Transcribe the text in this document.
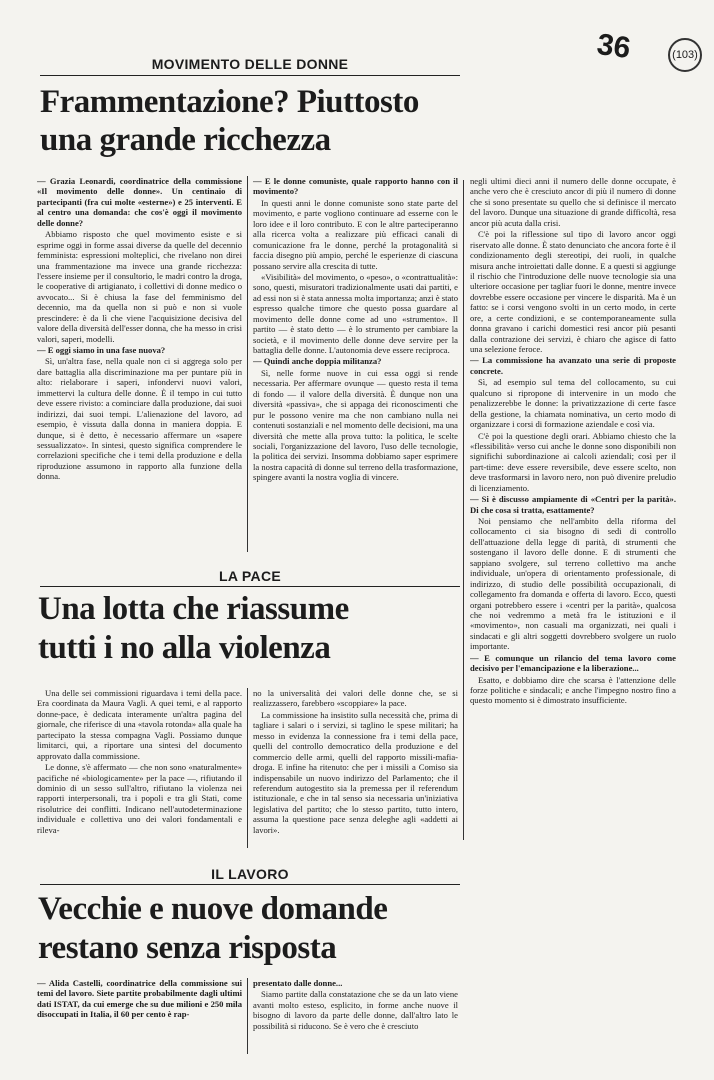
36	(103)
MOVIMENTO DELLE DONNE
Frammentazione? Piuttosto
una grande ricchezza

— Grazia Leonardi, coordinatrice della commissione «Il movimento delle donne». Un centinaio di partecipanti (fra cui molte «esterne») e 25 interventi. E al centro una domanda: che cos'è oggi il movimento delle donne?

Abbiamo risposto che quel movimento esiste e si esprime oggi in forme assai diverse da quelle del decennio femminista: espressioni molteplici, che rivelano non direi una frammentazione ma invece una grande ricchezza: l'essere insieme per il consultorio, le madri contro la droga, le cooperative di artigianato, i collettivi di donne medico o avvocato... Si è chiusa la fase del femminismo del decennio, ma da quella non si può e non si vuole prescindere: è da lì che viene l'acquisizione decisiva del valore della diversità dell'esser donna, che ha messo in crisi valori, saperi, modelli.

— E oggi siamo in una fase nuova?

Sì, un'altra fase, nella quale non ci si aggrega solo per dare battaglia alla discriminazione ma per puntare più in alto: rielaborare i saperi, infondervi nuovi valori, immettervi la cultura delle donne. È il tempo in cui tutto deve essere rivisto: a cominciare dalla produzione, dai suoi indirizzi, dai suoi tempi. L'alienazione del lavoro, ad esempio, è vissuta dalla donna in maniera doppia. E dunque, si è detto, è necessario affermare un «sapere sessualizzato». In sintesi, questo significa comprendere le correlazioni specifiche che i temi della produzione e della riproduzione assumono in rapporto alla funzione della donna.

— E le donne comuniste, quale rapporto hanno con il movimento?

In questi anni le donne comuniste sono state parte del movimento, e parte vogliono continuare ad esserne con le loro idee e il loro contributo. E con le altre parteciperanno alla ricerca volta a realizzare più efficaci canali di comunicazione fra le donne, perché la protagonalità si faccia disegno più ampio, perché le esperienze di ciascuna possano servire alla crescita di tutte.

«Visibilità» del movimento, o «peso», o «contrattualità»: sono, questi, misuratori tradizionalmente usati dai partiti, e ad essi non si è stata annessa molta importanza; anzi è stato espresso qualche timore che questo possa guardare al movimento delle donne come ad uno «strumento». Il partito — è stato detto — è lo strumento per cambiare la società, e il movimento delle donne deve servire per la battaglia delle donne. L'autonomia deve essere reciproca.

— Quindi anche doppia militanza?

Sì, nelle forme nuove in cui essa oggi si rende necessaria. Per affermare ovunque — questo resta il tema di fondo — il valore della diversità. È dunque non una diversità «passiva», che si appaga dei riconoscimenti che pur le possono venire ma che non cambiano nulla nei contenuti sostanziali e nel momento delle decisioni, ma una diversità che mette alla prova tutto: la politica, le scelte sociali, l'organizzazione del lavoro, l'uso delle tecnologie, la politica dei servizi. Insomma dobbiamo saper esprimere la nostra capacità di donne sul terreno della trasformazione, spingere avanti la nostra voglia di vincere.

negli ultimi dieci anni il numero delle donne occupate, è anche vero che è cresciuto ancor di più il numero di donne che si sono presentate su quello che si definisce il mercato del lavoro. Dunque una situazione di grande difficoltà, resa ancor più acuta dalla crisi.

C'è poi la riflessione sul tipo di lavoro ancor oggi riservato alle donne. È stato denunciato che ancora forte è il condizionamento degli stereotipi, dei ruoli, in qualche misura anche introiettati dalle donne. E a questi si aggiunge il rischio che l'introduzione delle nuove tecnologie sia una ulteriore occasione per tagliar fuori le donne, mentre invece dovrebbe essere occasione per vincere le disparità. Ma è un fatto: se i corsi vengono svolti in un certo modo, in certe ore, a certe condizioni, e se contemporaneamente sulla donna gravano i carichi domestici resi ancor più pesanti dalla contrazione dei servizi, è chiaro che agisce di fatto una selezione feroce.

— La commissione ha avanzato una serie di proposte concrete.

Sì, ad esempio sul tema del collocamento, su cui qualcuno si ripropone di intervenire in un modo che penalizzerebbe le donne: la privatizzazione di certe fasce della gestione, la chiamata nominativa, un certo modo di organizzare i corsi di formazione aziendale e così via.

C'è poi la questione degli orari. Abbiamo chiesto che la «flessibilità» verso cui anche le donne sono disponibili non significhi subordinazione ai calcoli aziendali; così per il part-time: deve essere reversibile, deve essere scelto, non deve trasformarsi in lavoro nero, non può divenire preludio di licenziamento.

— Si è discusso ampiamente di «Centri per la parità». Di che cosa si tratta, esattamente?

Noi pensiamo che nell'ambito della riforma del collocamento ci sia bisogno di sedi di controllo dell'attuazione della legge di parità, di strumenti che sostengano il lavoro delle donne. E di strumenti che sappiano svolgere, sul terreno collettivo ma anche individuale, un'opera di orientamento professionale, di indirizzo, di studio delle possibilità occupazionali, di collegamento fra domanda e offerta di lavoro. Ecco, questi organi potrebbero essere i «centri per la parità», qualcosa che noi vedremmo a metà fra le istituzioni e il «movimento», non casuali ma organizzati, nei quali i sindacati e gli altri soggetti dovrebbero svolgere un ruolo importante.

— E comunque un rilancio del tema lavoro come decisivo per l'emancipazione e la liberazione...

Esatto, e dobbiamo dire che scarsa è l'attenzione delle forze politiche e sindacali; e anche l'impegno nostro fino a questo momento si è dimostrato insufficiente.

LA PACE
Una lotta che riassume
tutti i no alla violenza

Una delle sei commissioni riguardava i temi della pace. Era coordinata da Maura Vagli. A quei temi, e al rapporto donne-pace, è dedicata interamente un'altra pagina del giornale, che riferisce di una «tavola rotonda» alla quale ha partecipato la stessa compagna Vagli. Possiamo dunque limitarci, qui, a riportare una sintesi del documento approvato dalla commissione.

Le donne, s'è affermato — che non sono «naturalmente» pacifiche né «biologicamente» per la pace —, rifiutando il dominio di un sesso sull'altro, rifiutano la violenza nei rapporti interpersonali, tra i popoli e tra gli Stati, come risolutrice dei conflitti. Indicano nell'autodeterminazione individuale e collettiva uno dei valori fondamentali e rileva-

no la universalità dei valori delle donne che, se si realizzassero, farebbero «scoppiare» la pace.

La commissione ha insistito sulla necessità che, prima di tagliare i salari o i servizi, si taglino le spese militari; ha messo in evidenza la connessione fra i temi della pace, quelli del controllo democratico della produzione e del commercio delle armi, quelli del rapporto missili-mafia-droga. E infine ha ritenuto: che per i missili a Comiso sia indispensabile un nuovo indirizzo del Parlamento; che il referendum autogestito sia la premessa per il referendum istituzionale, e che in tal senso sia necessaria un'iniziativa legislativa del partito; che lo stesso partito, tutto intero, assuma la questione pace senza deleghe agli «addetti ai lavori».

IL LAVORO
Vecchie e nuove domande
restano senza risposta

— Alida Castelli, coordinatrice della commissione sui temi del lavoro. Siete partite probabilmente dagli ultimi dati ISTAT, da cui emerge che su due milioni e 250 mila disoccupati in Italia, il 60 per cento è rap-

presentato dalle donne...

Siamo partite dalla constatazione che se da un lato viene avanti molto esteso, esplicito, in forme anche nuove il bisogno di lavoro da parte delle donne, dall'altro lato le possibilità si riducono. Se è vero che è cresciuto
